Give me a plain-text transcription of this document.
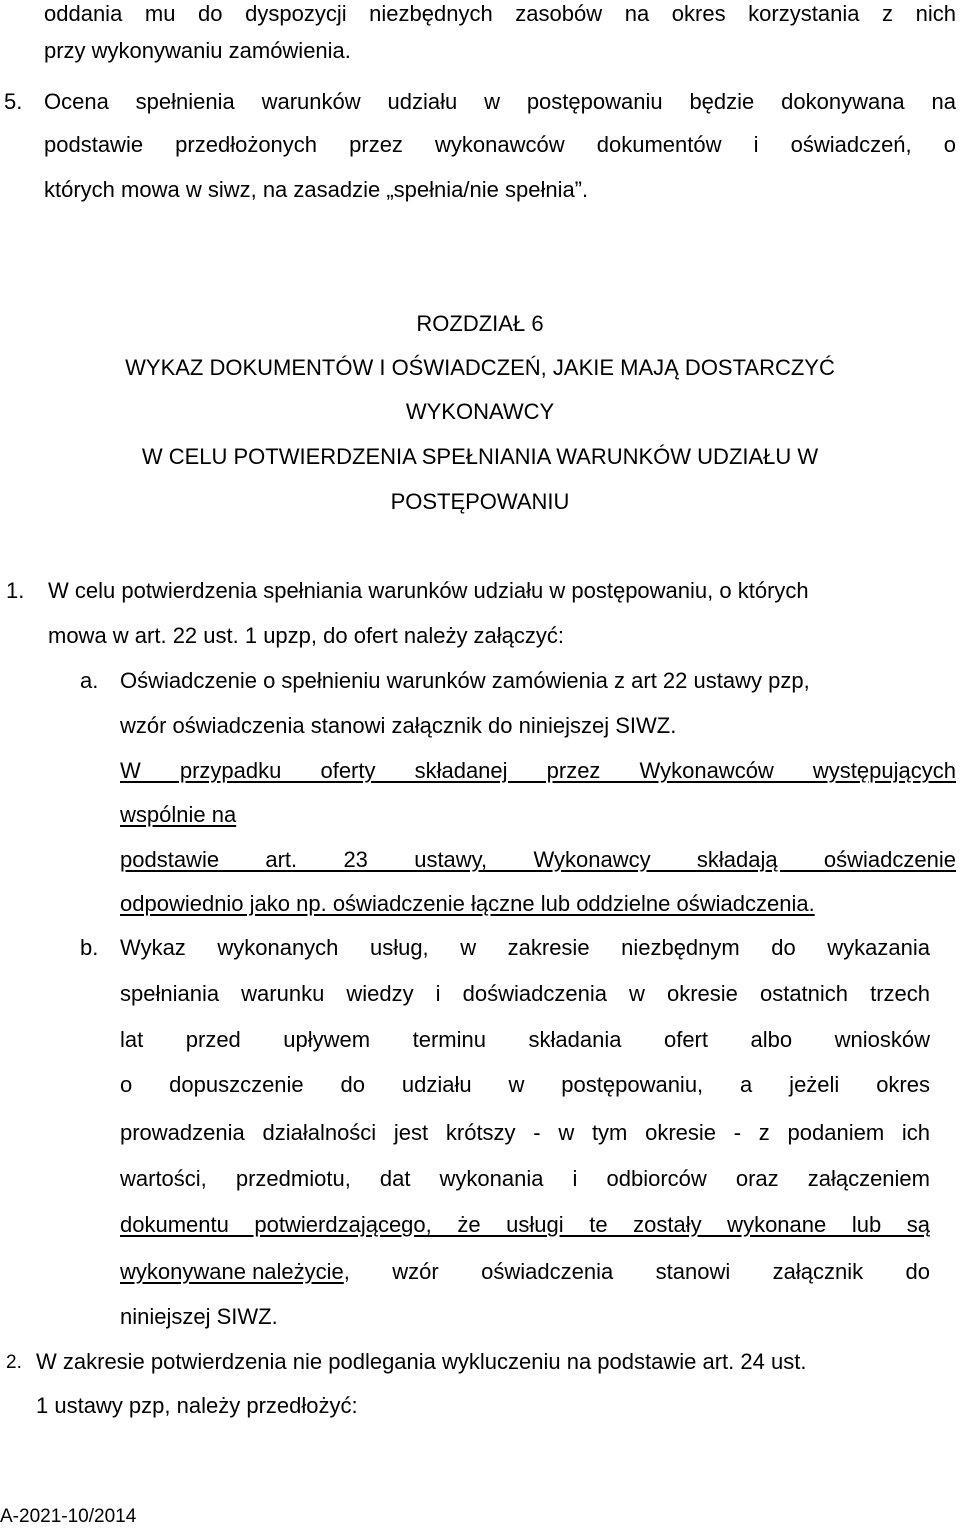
oddania mu do dyspozycji niezbędnych zasobów na okres korzystania z nich
przy wykonywaniu zamówienia.
5. Ocena spełnienia warunków udziału w postępowaniu będzie dokonywana na
podstawie przedłożonych przez wykonawców dokumentów i oświadczeń, o
których mowa w siwz, na zasadzie „spełnia/nie spełnia”.
ROZDZIAŁ 6
WYKAZ DOKUMENTÓW I OŚWIADCZEŃ, JAKIE MAJĄ DOSTARCZYĆ
WYKONAWCY
W CELU POTWIERDZENIA SPEŁNIANIA WARUNKÓW UDZIAŁU W
POSTĘPOWANIU
1. W celu potwierdzenia spełniania warunków udziału w postępowaniu, o których
mowa w art. 22 ust. 1 upzp, do ofert należy załączyć:
a. Oświadczenie o spełnieniu warunków zamówienia z art 22 ustawy pzp,
wzór oświadczenia stanowi załącznik do niniejszej SIWZ.
W przypadku oferty składanej przez Wykonawców występujących
wspólnie na
podstawie art. 23 ustawy, Wykonawcy składają oświadczenie
odpowiednio jako np. oświadczenie łączne lub oddzielne oświadczenia.
b. Wykaz wykonanych usług, w zakresie niezbędnym do wykazania
spełniania warunku wiedzy i doświadczenia w okresie ostatnich trzech
lat przed upływem terminu składania ofert albo wniosków
o dopuszczenie do udziału w postępowaniu, a jeżeli okres
prowadzenia działalności jest krótszy - w tym okresie - z podaniem ich
wartości, przedmiotu, dat wykonania i odbiorców oraz załączeniem
dokumentu potwierdzającego, że usługi te zostały wykonane lub są
wykonywane należycie , wzór oświadczenia stanowi załącznik do
niniejszej SIWZ.
2. W zakresie potwierdzenia nie podlegania wykluczeniu na podstawie art. 24 ust.
1 ustawy pzp, należy przedłożyć:
A-2021-10/2014
